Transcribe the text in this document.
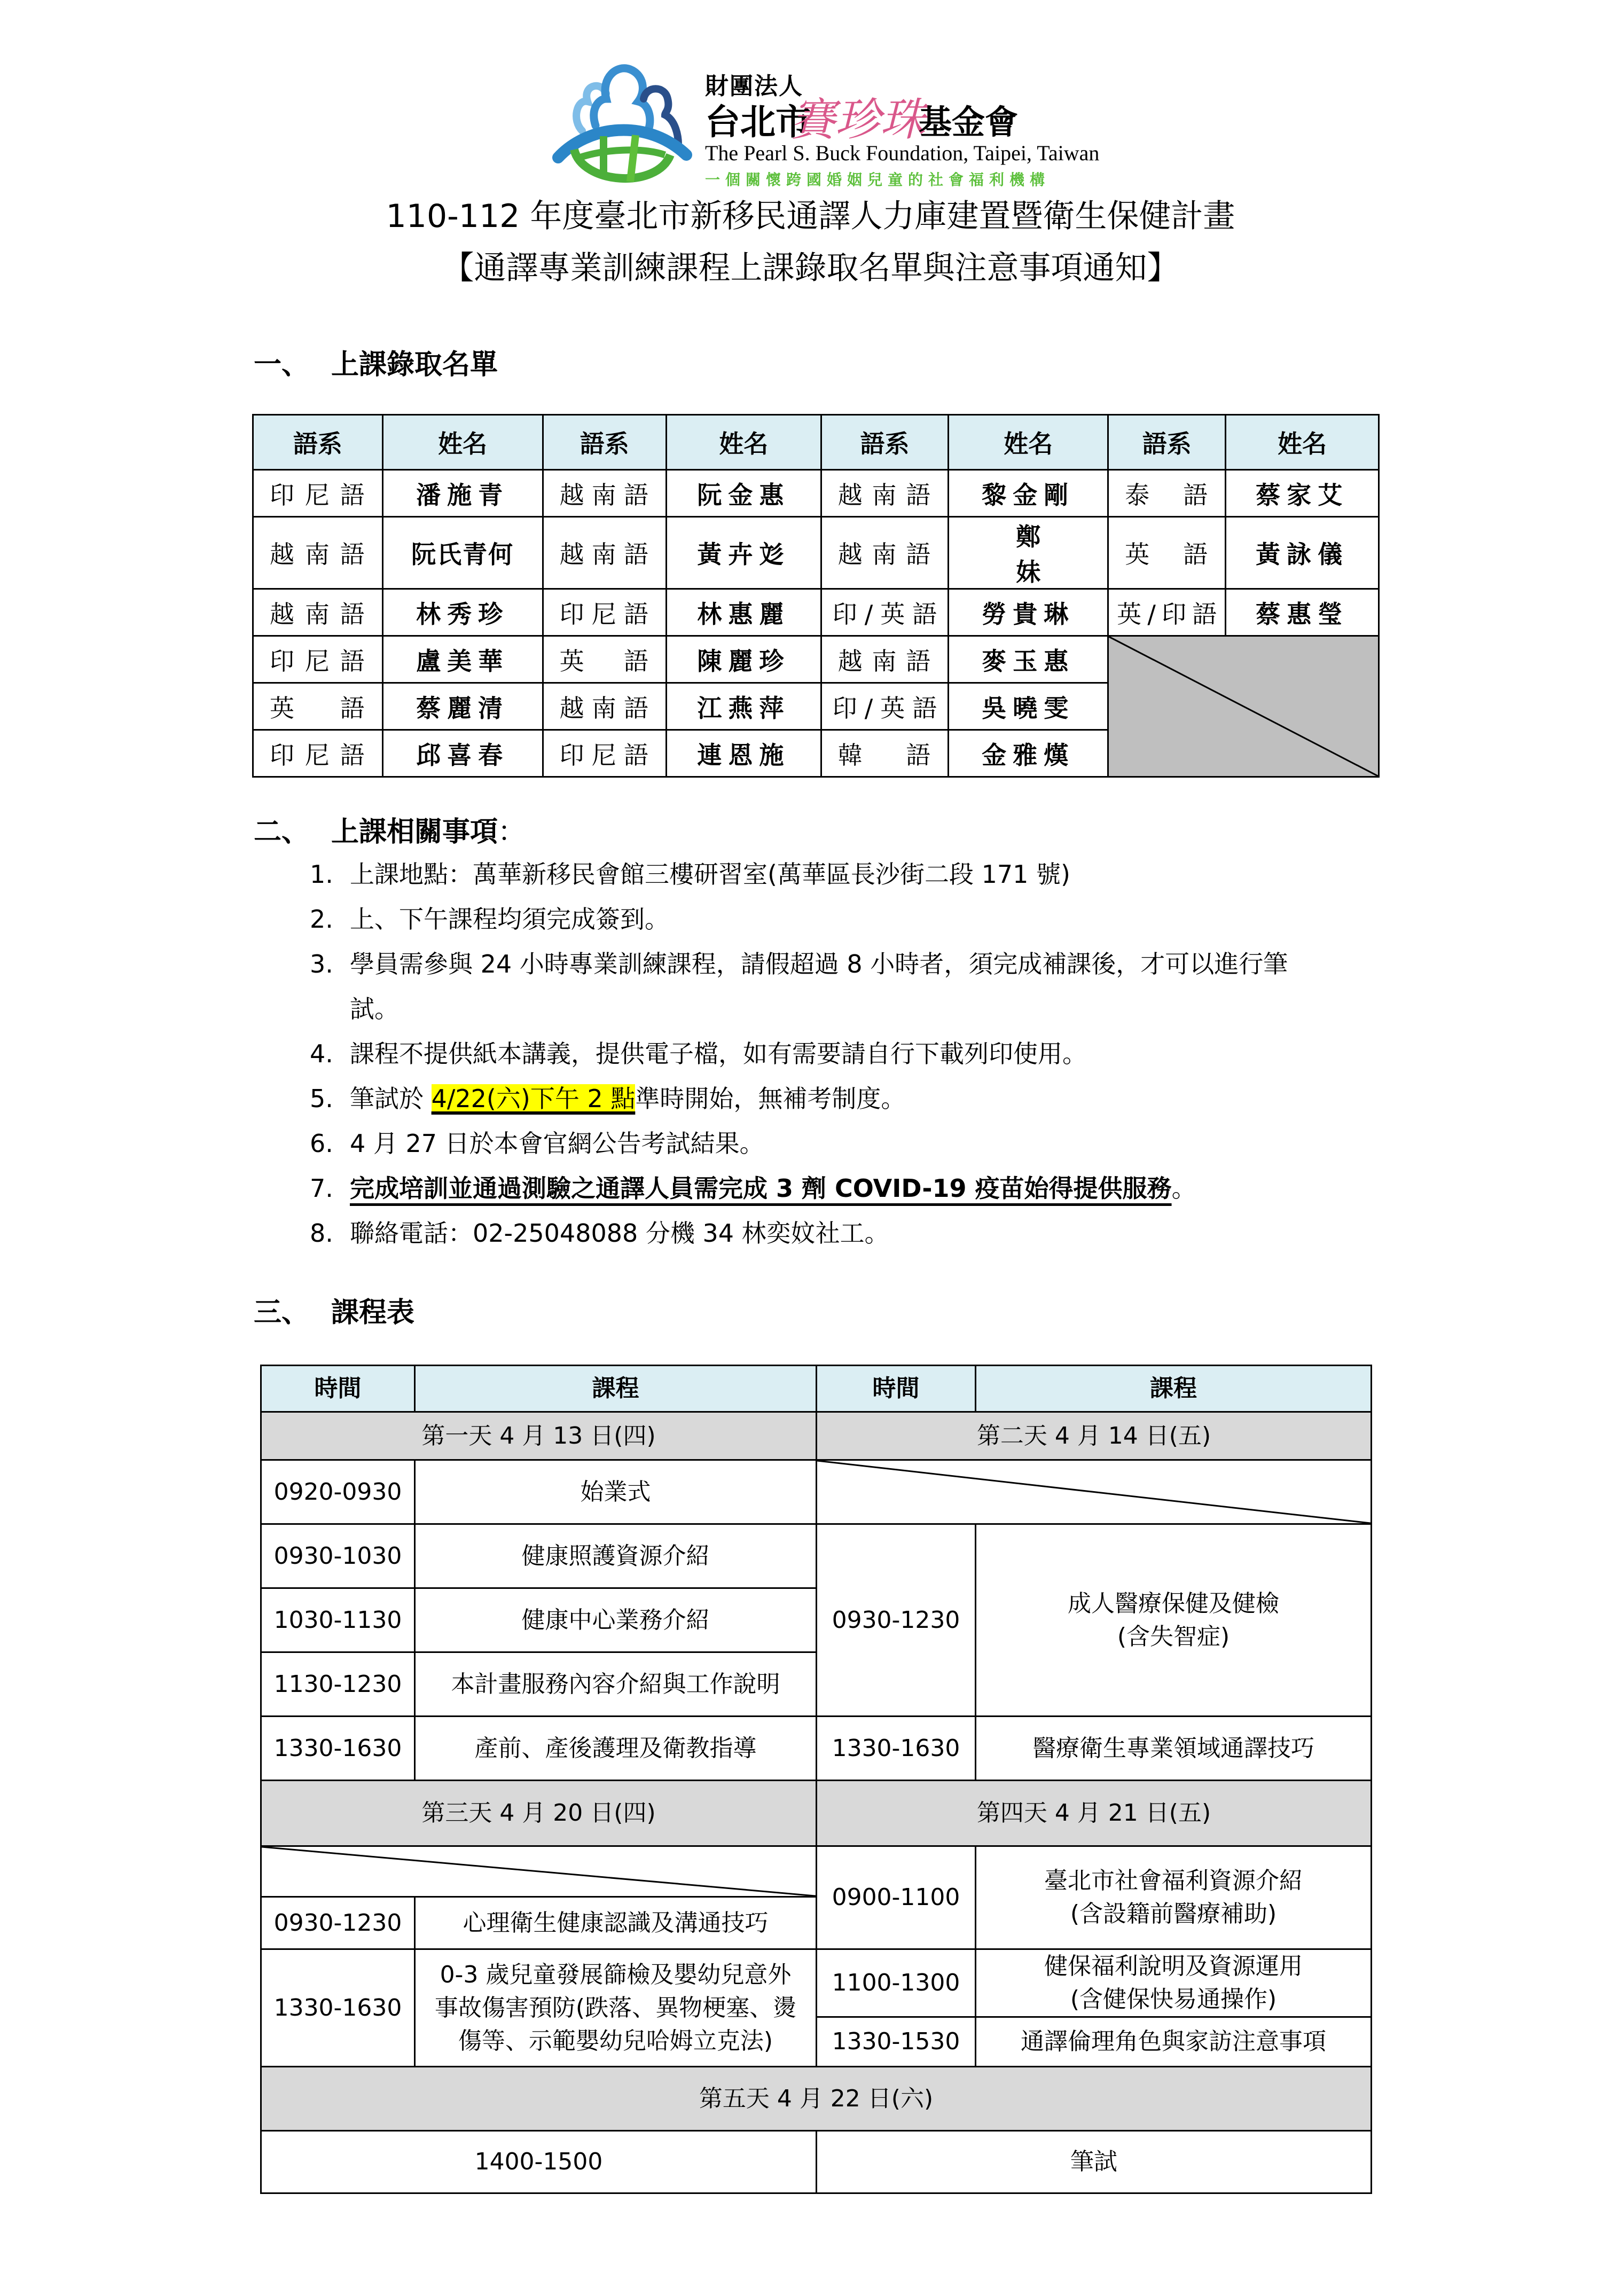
財團法人
台北市
賽珍珠
基金會
The Pearl S. Buck Foundation, Taipei, Taiwan
一個關懷跨國婚姻兒童的社會福利機構
110-112 年度臺北市新移民通譯人力庫建置暨衛生保健計畫
【通譯專業訓練課程上課錄取名單與注意事項通知】
一、 上課錄取名單
語系	姓名	語系	姓名	語系	姓名	語系	姓名
印尼語	潘施青	越南語	阮金惠	越南語	黎金剛	泰語	蔡家艾
越南語	阮氏青何	越南語	黃卉彣	越南語	鄭妹	英語	黃詠儀
越南語	林秀珍	印尼語	林惠麗	印/英語	勞貴琳	英/印語	蔡惠瑩
印尼語	盧美華	英語	陳麗珍	越南語	麥玉惠	

英語	蔡麗清	越南語	江燕萍	印/英語	吳曉雯		
印尼語	邱喜春	印尼語	連恩施	韓語	金雅熯		
二、 上課相關事項：
1. 上課地點：萬華新移民會館三樓研習室(萬華區長沙街二段 171 號)
2. 上、下午課程均須完成簽到。
3. 學員需參與 24 小時專業訓練課程，請假超過 8 小時者，須完成補課後，才可以進行筆
試。
4. 課程不提供紙本講義，提供電子檔，如有需要請自行下載列印使用。
5. 筆試於 4/22(六)下午 2 點準時開始，無補考制度。
6. 4 月 27 日於本會官網公告考試結果。
7. 完成培訓並通過測驗之通譯人員需完成 3 劑 COVID-19 疫苗始得提供服務。
8. 聯絡電話：02-25048088 分機 34 林奕妏社工。
三、 課程表
時間	課程	時間	課程
第一天 4 月 13 日(四)		第二天 4 月 14 日(五)	
0920-0930	始業式	

0930-1030	健康照護資源介紹	0930-1230	成人醫療保健及健檢
(含失智症)

1030-1130	健康中心業務介紹		
1130-1230	本計畫服務內容介紹與工作說明		
1330-1630	產前、產後護理及衛教指導	1330-1630	醫療衛生專業領域通譯技巧
第三天 4 月 20 日(四)		第四天 4 月 21 日(五)	

	0900-1100	臺北市社會福利資源介紹
(含設籍前醫療補助)

0930-1230	心理衛生健康認識及溝通技巧		
1330-1630	0-3 歲兒童發展篩檢及嬰幼兒意外事故傷害預防(跌落、異物梗塞、燙傷等、示範嬰幼兒哈姆立克法)	1100-1300	健保福利說明及資源運用
(含健保快易通操作)

		1330-1530	通譯倫理角色與家訪注意事項
第五天 4 月 22 日(六)			
1400-1500		筆試	
